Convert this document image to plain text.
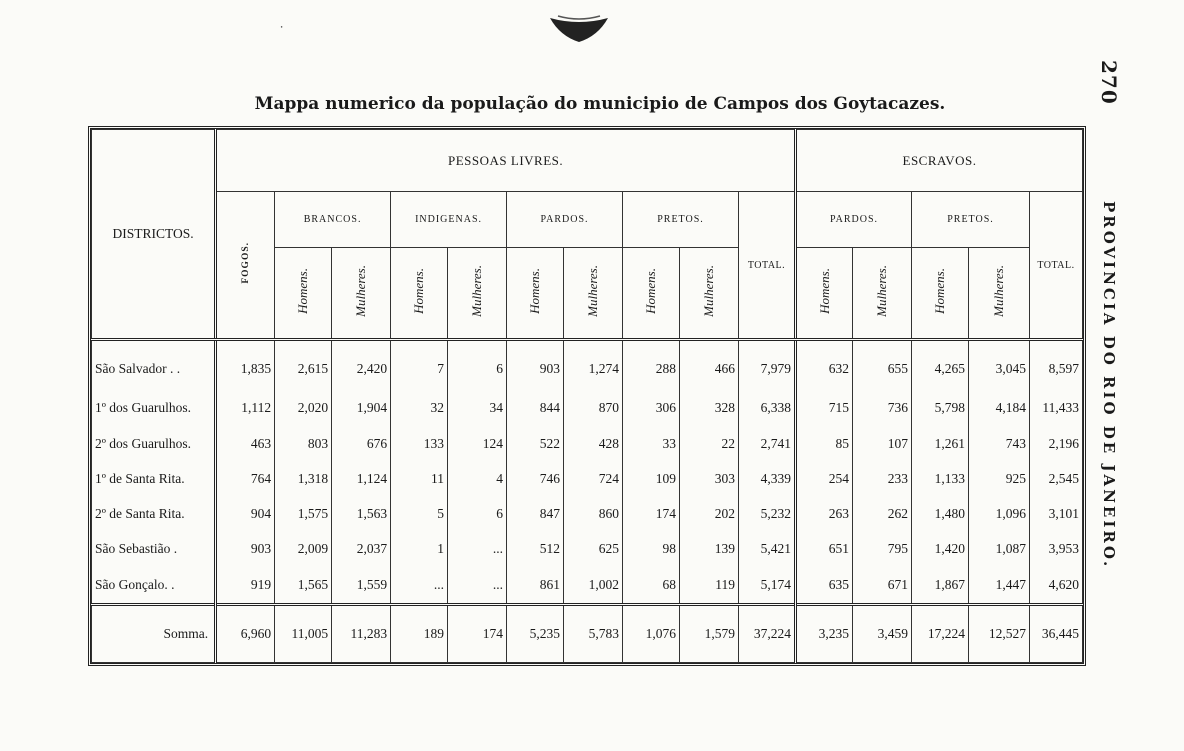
⸳
270
PROVINCIA DO RIO DE JANEIRO.
Mappa numerico da população do municipio de Campos dos Goytacazes.
DISTRICTOS.	PESSOAS LIVRES.										ESCRAVOS.				
	FOGOS.	BRANCOS.		INDIGENAS.		PARDOS.		PRETOS.		TOTAL.	PARDOS.		PRETOS.		TOTAL.
		Homens.	Mulheres.	Homens.	Mulheres.	Homens.	Mulheres.	Homens.	Mulheres.		Homens.	Mulheres.	Homens.	Mulheres.	
São Salvador . .	1,835	2,615	2,420	7	6	903	1,274	288	466	7,979	632	655	4,265	3,045	8,597
1º dos Guarulhos.	1,112	2,020	1,904	32	34	844	870	306	328	6,338	715	736	5,798	4,184	11,433
2º dos Guarulhos.	463	803	676	133	124	522	428	33	22	2,741	85	107	1,261	743	2,196
1º de Santa Rita.	764	1,318	1,124	11	4	746	724	109	303	4,339	254	233	1,133	925	2,545
2º de Santa Rita.	904	1,575	1,563	5	6	847	860	174	202	5,232	263	262	1,480	1,096	3,101
São Sebastião .	903	2,009	2,037	1	...	512	625	98	139	5,421	651	795	1,420	1,087	3,953
São Gonçalo. .	919	1,565	1,559	...	...	861	1,002	68	119	5,174	635	671	1,867	1,447	4,620
Somma.	6,960	11,005	11,283	189	174	5,235	5,783	1,076	1,579	37,224	3,235	3,459	17,224	12,527	36,445
